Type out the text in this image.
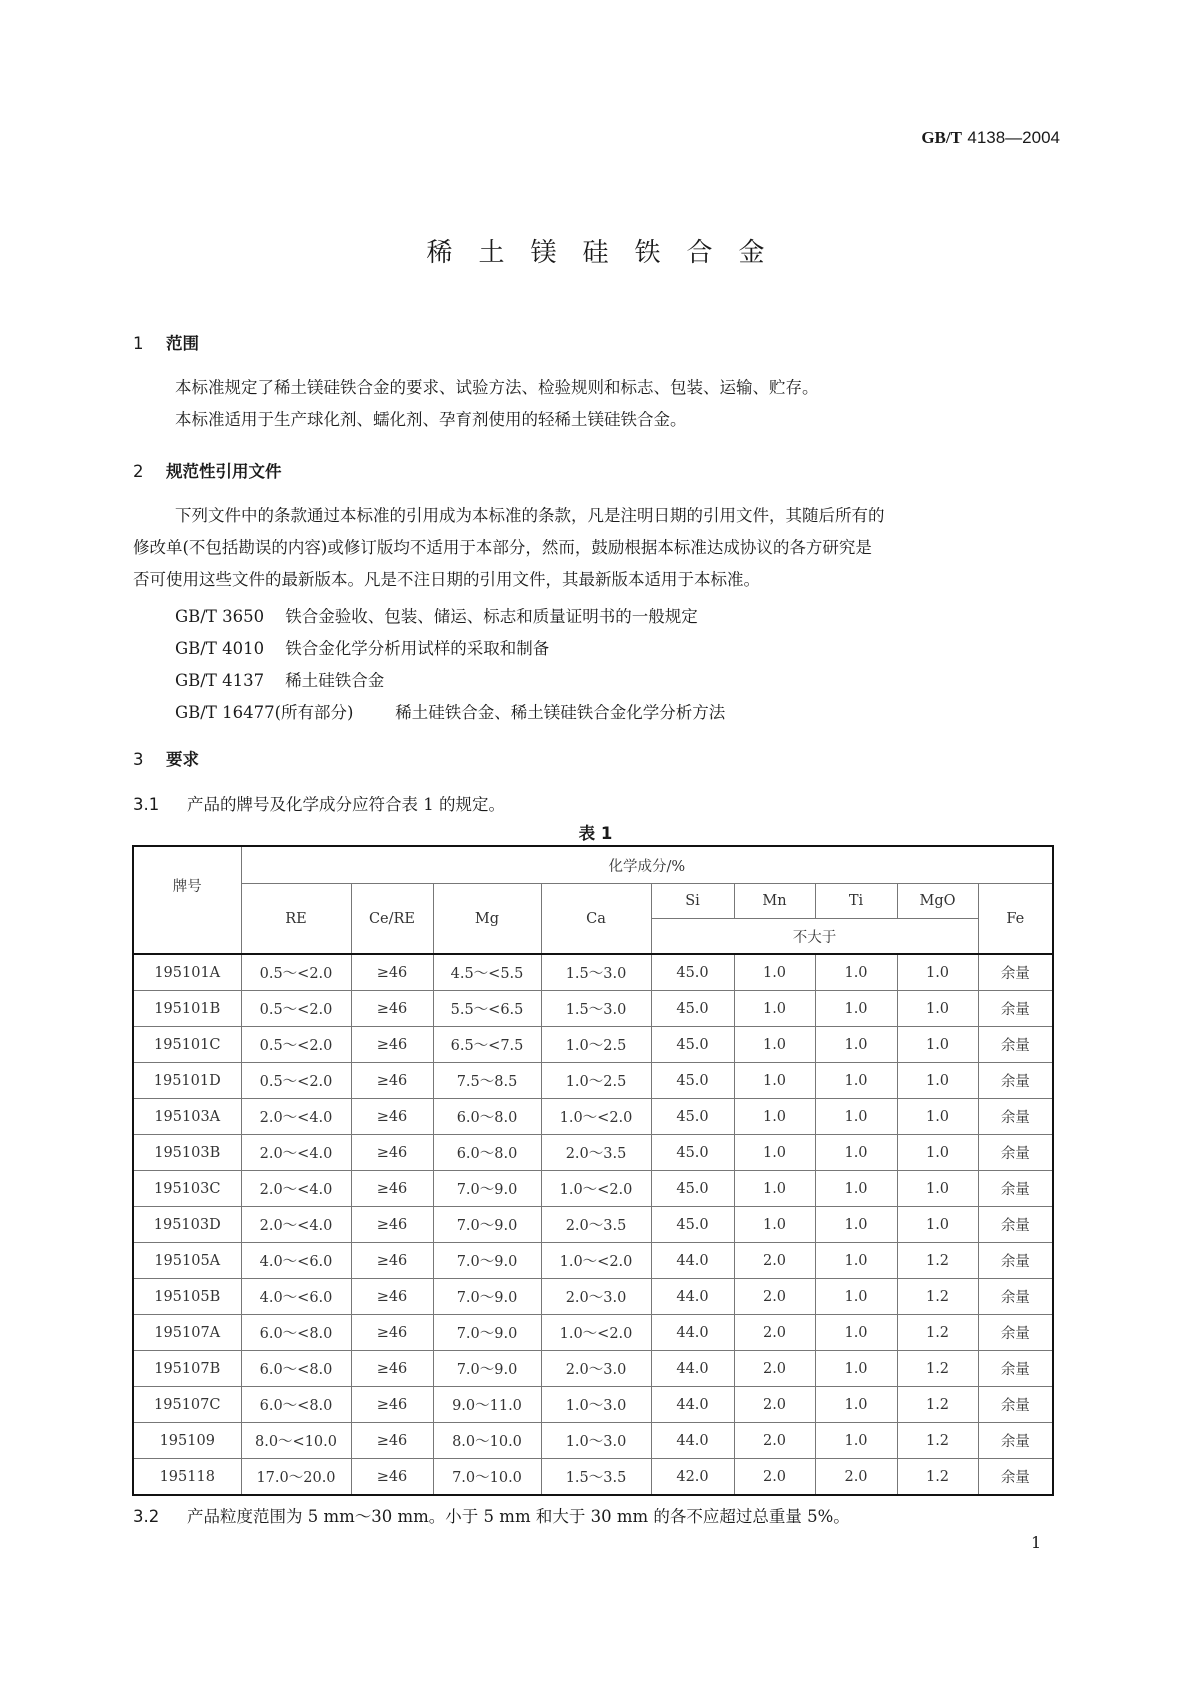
GB/T 4138—2004
稀土镁硅铁合金
1 范围
本标准规定了稀土镁硅铁合金的要求、试验方法、检验规则和标志、包装、运输、贮存。
本标准适用于生产球化剂、蠕化剂、孕育剂使用的轻稀土镁硅铁合金。
2 规范性引用文件
下列文件中的条款通过本标准的引用成为本标准的条款，凡是注明日期的引用文件，其随后所有的
修改单(不包括勘误的内容)或修订版均不适用于本部分，然而，鼓励根据本标准达成协议的各方研究是
否可使用这些文件的最新版本。凡是不注日期的引用文件，其最新版本适用于本标准。
GB/T 3650 铁合金验收、包装、储运、标志和质量证明书的一般规定
GB/T 4010 铁合金化学分析用试样的采取和制备
GB/T 4137 稀土硅铁合金
GB/T 16477(所有部分)	稀土硅铁合金、稀土镁硅铁合金化学分析方法
3 要求
3.1 产品的牌号及化学成分应符合表 1 的规定。
表 1
牌号	化学成分/%								
	RE	Ce/RE	Mg	Ca	Si	Mn	Ti	MgO	Fe
					不大于				
195101A	0.5～<2.0	≥46	4.5～<5.5	1.5～3.0	45.0	1.0	1.0	1.0	余量
195101B	0.5～<2.0	≥46	5.5～<6.5	1.5～3.0	45.0	1.0	1.0	1.0	余量
195101C	0.5～<2.0	≥46	6.5～<7.5	1.0～2.5	45.0	1.0	1.0	1.0	余量
195101D	0.5～<2.0	≥46	7.5～8.5	1.0～2.5	45.0	1.0	1.0	1.0	余量
195103A	2.0～<4.0	≥46	6.0～8.0	1.0～<2.0	45.0	1.0	1.0	1.0	余量
195103B	2.0～<4.0	≥46	6.0～8.0	2.0～3.5	45.0	1.0	1.0	1.0	余量
195103C	2.0～<4.0	≥46	7.0～9.0	1.0～<2.0	45.0	1.0	1.0	1.0	余量
195103D	2.0～<4.0	≥46	7.0～9.0	2.0～3.5	45.0	1.0	1.0	1.0	余量
195105A	4.0～<6.0	≥46	7.0～9.0	1.0～<2.0	44.0	2.0	1.0	1.2	余量
195105B	4.0～<6.0	≥46	7.0～9.0	2.0～3.0	44.0	2.0	1.0	1.2	余量
195107A	6.0～<8.0	≥46	7.0～9.0	1.0～<2.0	44.0	2.0	1.0	1.2	余量
195107B	6.0～<8.0	≥46	7.0～9.0	2.0～3.0	44.0	2.0	1.0	1.2	余量
195107C	6.0～<8.0	≥46	9.0～11.0	1.0～3.0	44.0	2.0	1.0	1.2	余量
195109	8.0～<10.0	≥46	8.0～10.0	1.0～3.0	44.0	2.0	1.0	1.2	余量
195118	17.0～20.0	≥46	7.0～10.0	1.5～3.5	42.0	2.0	2.0	1.2	余量
3.2 产品粒度范围为 5 mm～30 mm。小于 5 mm 和大于 30 mm 的各不应超过总重量 5%。
1
